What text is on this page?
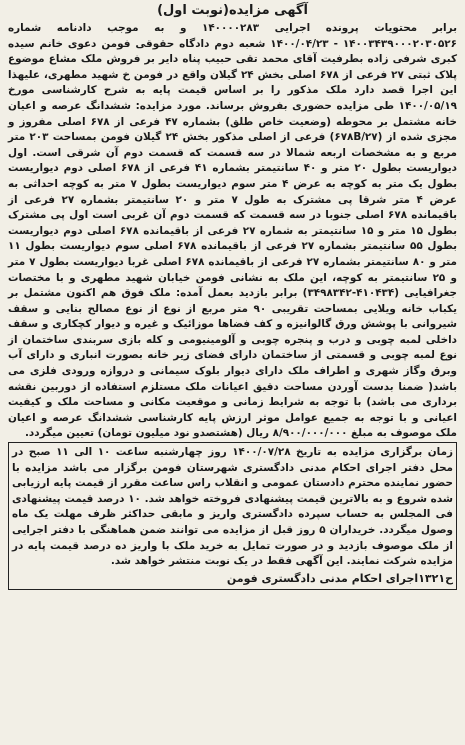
آگهی مزایده(نوبت اول)

برابر محتویات پرونده اجرایی ۱۴۰۰۰۰۲۸۳ و به موجب دادنامه شماره ۱۴۰۰۳۴۳۹۰۰۰۲۰۳۰۵۲۶ - ۱۴۰۰/۰۴/۲۳ شعبه دوم دادگاه حقوقی فومن دعوی خانم سیده کبری شرفی زاده بطرفیت آقای محمد تقی حبیب پناه دایر بر فروش ملک مشاع موضوع پلاک ثبتی ۲۷ فرعی از ۶۷۸ اصلی بخش ۲۴ گیلان واقع در فومن خ شهید مطهری، علیهذا این اجرا قصد دارد ملک مذکور را بر اساس قیمت پایه به شرح کارشناسی مورخ ۱۴۰۰/۰۵/۱۹ طی مزایده حضوری بفروش برساند. مورد مزایده: ششدانگ عرصه و اعیان خانه مشتمل بر محوطه (وضعیت خاص طلق) بشماره ۴۷ فرعی از ۶۷۸ اصلی مفروز و مجزی شده از (۶۷۸B/۲۷) فرعی از اصلی مذکور بخش ۲۴ گیلان فومن بمساحت ۲۰۳ متر مربع و به مشخصات اربعه شمالا در سه قسمت که قسمت دوم آن شرقی است. اول دیواریست بطول ۲۰ متر و ۴۰ سانتیمتر بشماره ۴۱ فرعی از ۶۷۸ اصلی دوم دیواریست بطول یک متر به کوچه به عرض ۴ متر سوم دیواریست بطول ۷ متر به کوچه احداثی به عرض ۴ متر شرقا پی مشترک به طول ۷ متر و ۲۰ سانتیمتر بشماره ۲۷ فرعی از باقیمانده ۶۷۸ اصلی جنوبا در سه قسمت که قسمت دوم آن غربی است اول پی مشترک بطول ۱۵ متر و ۱۵ سانتیمتر به شماره ۲۷ فرعی از باقیمانده ۶۷۸ اصلی دوم دیواریست بطول ۵۵ سانتیمتر بشماره ۲۷ فرعی از باقیمانده ۶۷۸ اصلی سوم دیواریست بطول ۱۱ متر و ۸۰ سانتیمتر بشماره ۲۷ فرعی از باقیمانده ۶۷۸ اصلی غربا دیواریست بطول ۷ متر و ۲۵ سانتیمتر به کوچه، این ملک به نشانی فومن خیابان شهید مطهری و با مختصات جغرافیایی (۴۱۰۴۳۴-۳۴۹۸۳۴۲) برابر بازدید بعمل آمده: ملک فوق هم اکنون مشتمل بر یکباب خانه ویلایی بمساحت تقریبی ۹۰ متر مربع از نوع از نوع مصالح بنایی و سقف شیروانی با پوشش ورق گالوانیزه و کف فضاها موزائیک و غیره و دیوار کچکاری و سقف داخلی لمبه چوبی و درب و پنجره چوبی و آلومینیومی و کله بازی سربندی ساختمان از نوع لمبه چوبی و قسمتی از ساختمان دارای فضای زیر خانه بصورت انباری و دارای آب وبرق وگاز شهری و اطراف ملک دارای دیوار بلوک سیمانی و دروازه ورودی فلزی می باشد( ضمنا بدست آوردن مساحت دقیق اعیانات ملک مستلزم استفاده از دوربین نقشه برداری می باشد) با توجه به شرایط زمانی و موقعیت مکانی و مساحت ملک و کیفیت اعیانی و با توجه به جمیع عوامل موثر ارزش پایه کارشناسی ششدانگ عرصه و اعیان ملک موصوف به مبلغ ۸/۹۰۰/۰۰۰/۰۰۰ ریال (هشتصدو نود میلیون تومان) تعیین میگردد.

زمان برگزاری مزایده به تاریخ ۱۴۰۰/۰۷/۲۸ روز چهارشنبه ساعت ۱۰ الی ۱۱ صبح در محل دفتر اجرای احکام مدنی دادگستری شهرستان فومن برگزار می باشد مزایده با حضور نماینده محترم دادستان عمومی و انقلاب راس ساعت مقرر از قیمت پایه ارزیابی شده شروع و به بالاترین قیمت پیشنهادی فروخته خواهد شد. ۱۰ درصد قیمت پیشنهادی فی المجلس به حساب سپرده دادگستری واریز و مابقی حداکثر ظرف مهلت یک ماه وصول میگردد. خریداران ۵ روز قبل از مزایده می توانند ضمن هماهنگی با دفتر اجرایی از ملک موصوف بازدید و در صورت تمایل به خرید ملک با واریز ده درصد قیمت پایه در مزایده شرکت نمایند. این آگهی فقط در یک نوبت منتشر خواهد شد.

ح۱۳۲۱اجرای احکام مدنی دادگستری فومن
